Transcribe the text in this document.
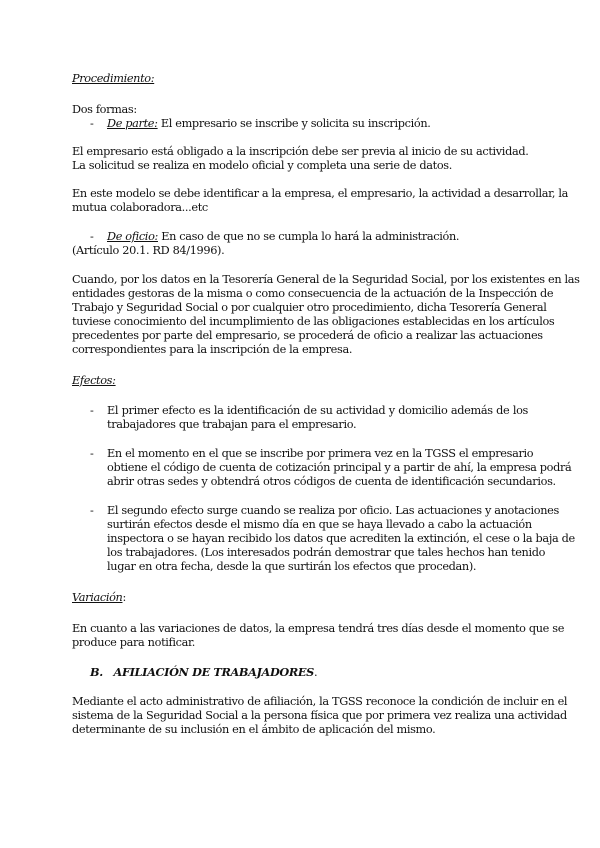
Procedimiento:

Dos formas:

- De parte: El empresario se inscribe y solicita su inscripción.

El empresario está obligado a la inscripción debe ser previa al inicio de su actividad.

La solicitud se realiza en modelo oficial y completa una serie de datos.

En este modelo se debe identificar a la empresa, el empresario, la actividad a desarrollar, la

mutua colaboradora...etc

- De oficio: En caso de que no se cumpla lo hará la administración.

(Artículo 20.1. RD 84/1996).

Cuando, por los datos en la Tesorería General de la Seguridad Social, por los existentes en las

entidades gestoras de la misma o como consecuencia de la actuación de la Inspección de

Trabajo y Seguridad Social o por cualquier otro procedimiento, dicha Tesorería General

tuviese conocimiento del incumplimiento de las obligaciones establecidas en los artículos

precedentes por parte del empresario, se procederá de oficio a realizar las actuaciones

correspondientes para la inscripción de la empresa.

Efectos:

- El primer efecto es la identificación de su actividad y domicilio además de los

trabajadores que trabajan para el empresario.

- En el momento en el que se inscribe por primera vez en la TGSS el empresario

obtiene el código de cuenta de cotización principal y a partir de ahí, la empresa podrá

abrir otras sedes y obtendrá otros códigos de cuenta de identificación secundarios.

- El segundo efecto surge cuando se realiza por oficio. Las actuaciones y anotaciones

surtirán efectos desde el mismo día en que se haya llevado a cabo la actuación

inspectora o se hayan recibido los datos que acrediten la extinción, el cese o la baja de

los trabajadores. (Los interesados podrán demostrar que tales hechos han tenido

lugar en otra fecha, desde la que surtirán los efectos que procedan).

Variación:

En cuanto a las variaciones de datos, la empresa tendrá tres días desde el momento que se

produce para notificar.

B.   AFILIACIÓN DE TRABAJADORES.

Mediante el acto administrativo de afiliación, la TGSS reconoce la condición de incluir en el

sistema de la Seguridad Social a la persona física que por primera vez realiza una actividad

determinante de su inclusión en el ámbito de aplicación del mismo.
